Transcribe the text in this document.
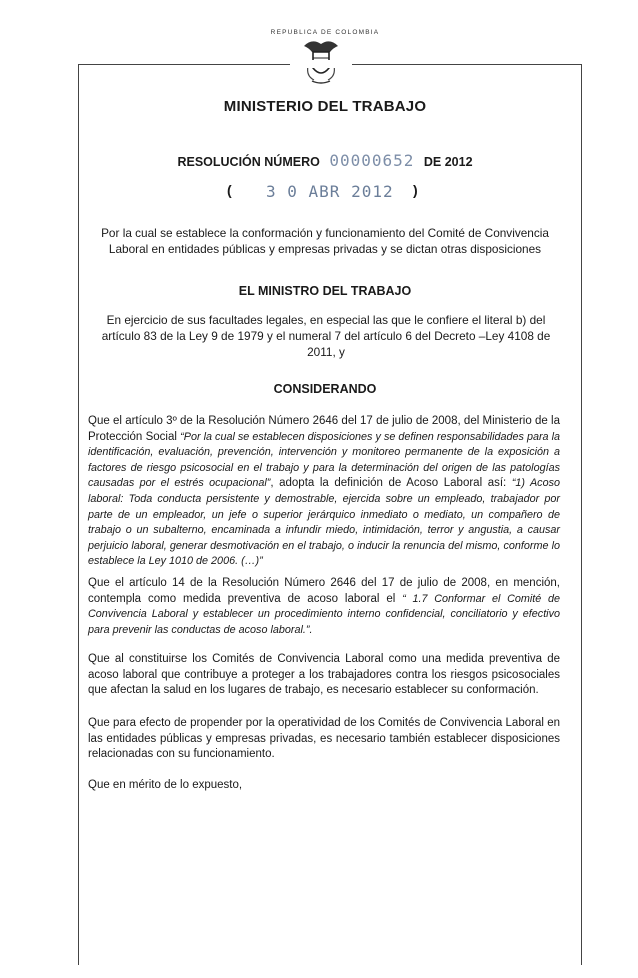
REPUBLICA DE COLOMBIA
MINISTERIO DEL TRABAJO
RESOLUCIÓN NÚMERO 00000652 DE 2012
( 3 0 ABR 2012 )
Por la cual se establece la conformación y funcionamiento del Comité de Convivencia Laboral en entidades públicas y empresas privadas y se dictan otras disposiciones
EL MINISTRO DEL TRABAJO
En ejercicio de sus facultades legales, en especial las que le confiere el literal b) del artículo 83 de la Ley 9 de 1979 y el numeral 7 del artículo 6 del Decreto –Ley 4108 de 2011, y
CONSIDERANDO
Que el artículo 3º de la Resolución Número 2646 del 17 de julio de 2008, del Ministerio de la Protección Social “Por la cual se establecen disposiciones y se definen responsabilidades para la identificación, evaluación, prevención, intervención y monitoreo permanente de la exposición a factores de riesgo psicosocial en el trabajo y para la determinación del origen de las patologías causadas por el estrés ocupacional”, adopta la definición de Acoso Laboral así: “1) Acoso laboral: Toda conducta persistente y demostrable, ejercida sobre un empleado, trabajador por parte de un empleador, un jefe o superior jerárquico inmediato o mediato, un compañero de trabajo o un subalterno, encaminada a infundir miedo, intimidación, terror y angustia, a causar perjuicio laboral, generar desmotivación en el trabajo, o inducir la renuncia del mismo, conforme lo establece la Ley 1010 de 2006. (…)”
Que el artículo 14 de la Resolución Número 2646 del 17 de julio de 2008, en mención, contempla como medida preventiva de acoso laboral el “ 1.7 Conformar el Comité de Convivencia Laboral y establecer un procedimiento interno confidencial, conciliatorio y efectivo para prevenir las conductas de acoso laboral.”.
Que al constituirse los Comités de Convivencia Laboral como una medida preventiva de acoso laboral que contribuye a proteger a los trabajadores contra los riesgos psicosociales que afectan la salud en los lugares de trabajo, es necesario establecer su conformación.
Que para efecto de propender por la operatividad de los Comités de Convivencia Laboral en las entidades públicas y empresas privadas, es necesario también establecer disposiciones relacionadas con su funcionamiento.
Que en mérito de lo expuesto,
